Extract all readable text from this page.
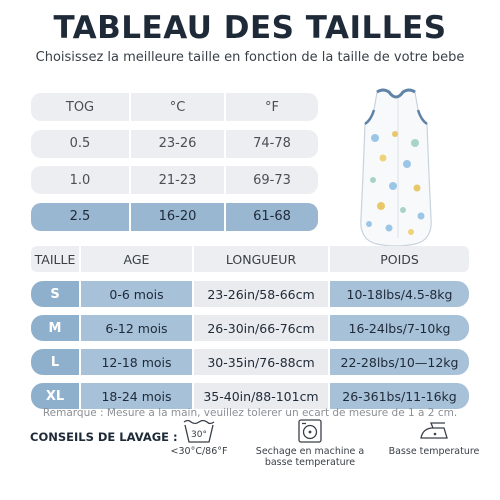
TABLEAU DES TAILLES
Choisissez la meilleure taille en fonction de la taille de votre bebe
TOG	°C	°F
0.5	23-26	74-78
1.0	21-23	69-73
2.5	16-20	61-68
TAILLE	AGE	LONGUEUR	POIDS
S	0-6 mois	23-26in/58-66cm	10-18lbs/4.5-8kg
M	6-12 mois	26-30in/66-76cm	16-24lbs/7-10kg
L	12-18 mois	30-35in/76-88cm	22-28lbs/10—12kg
XL	18-24 mois	35-40in/88-101cm	26-361bs/11-16kg
Remarque : Mesure a la main, veuillez tolerer un ecart de mesure de 1 a 2 cm.
CONSEILS DE LAVAGE : 30°
<30°C/86°F	Sechage en machine a
basse temperature
Basse temperature
